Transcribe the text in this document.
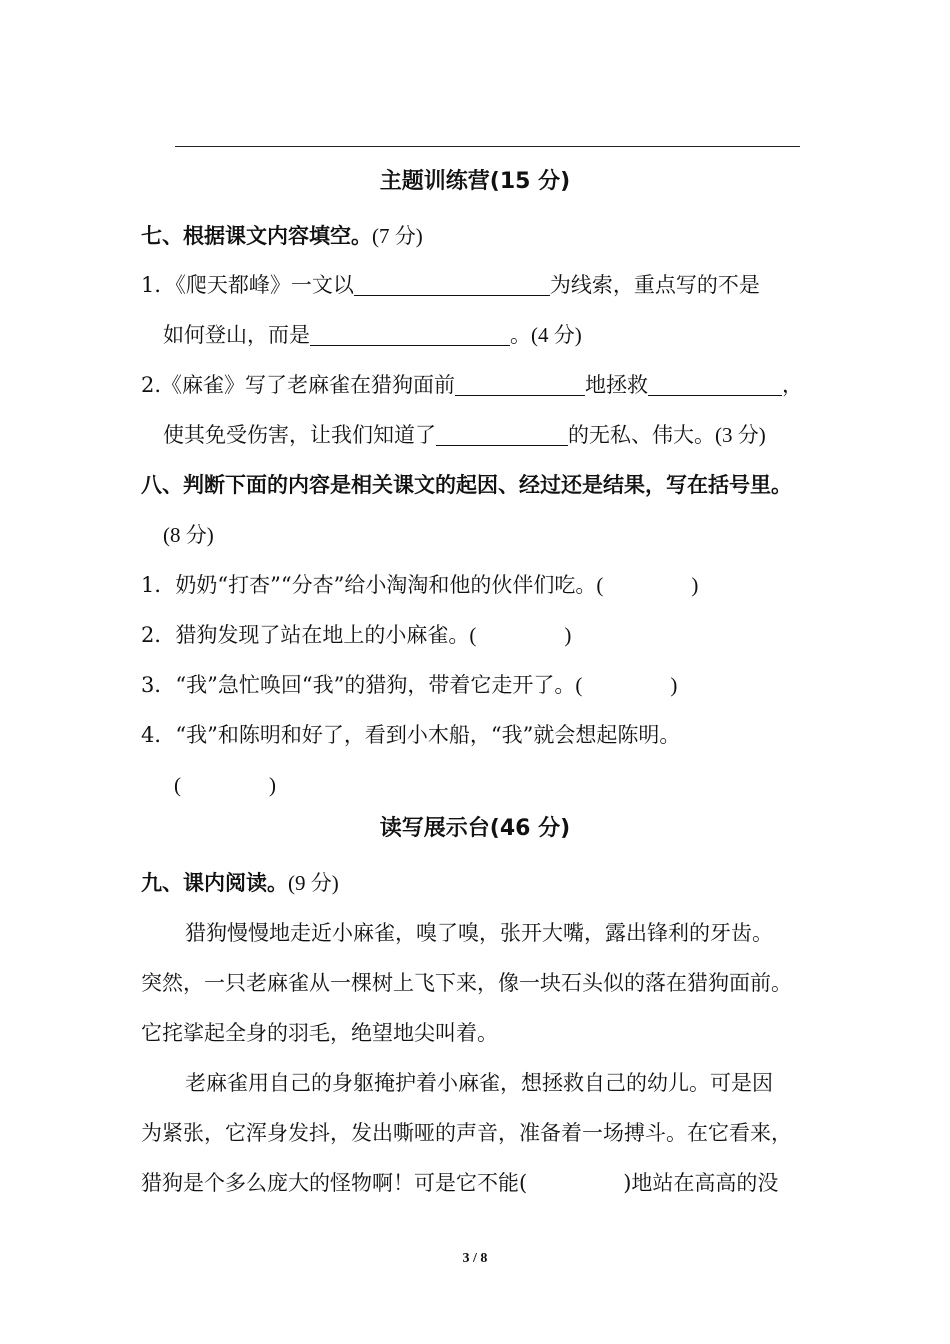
主题训练营(15 分)
七、根据课文内容填空。(7 分)
1．《爬天都峰》一文以	为线索，重点写的不是
如何登山，而是	。(4 分)
2.《麻雀》写了老麻雀在猎狗面前	地拯救	，
使其免受伤害，让我们知道了	的无私、伟大。(3 分)
八、判断下面的内容是相关课文的起因、经过还是结果，写在括号里。
(8 分)
1．奶奶“打杏”“分杏”给小淘淘和他的伙伴们吃。(	)
2．猎狗发现了站在地上的小麻雀。(	)
3．“我”急忙唤回“我”的猎狗，带着它走开了。(	)
4．“我”和陈明和好了，看到小木船，“我”就会想起陈明。
(	)
读写展示台(46 分)
九、课内阅读。(9 分)
猎狗慢慢地走近小麻雀，嗅了嗅，张开大嘴，露出锋利的牙齿。
突然，一只老麻雀从一棵树上飞下来，像一块石头似的落在猎狗面前。
它挓挲起全身的羽毛，绝望地尖叫着。
老麻雀用自己的身躯掩护着小麻雀，想拯救自己的幼儿。可是因
为紧张，它浑身发抖，发出嘶哑的声音，准备着一场搏斗。在它看来，
猎狗是个多么庞大的怪物啊！可是它不能(	)地站在高高的没
3 / 8
